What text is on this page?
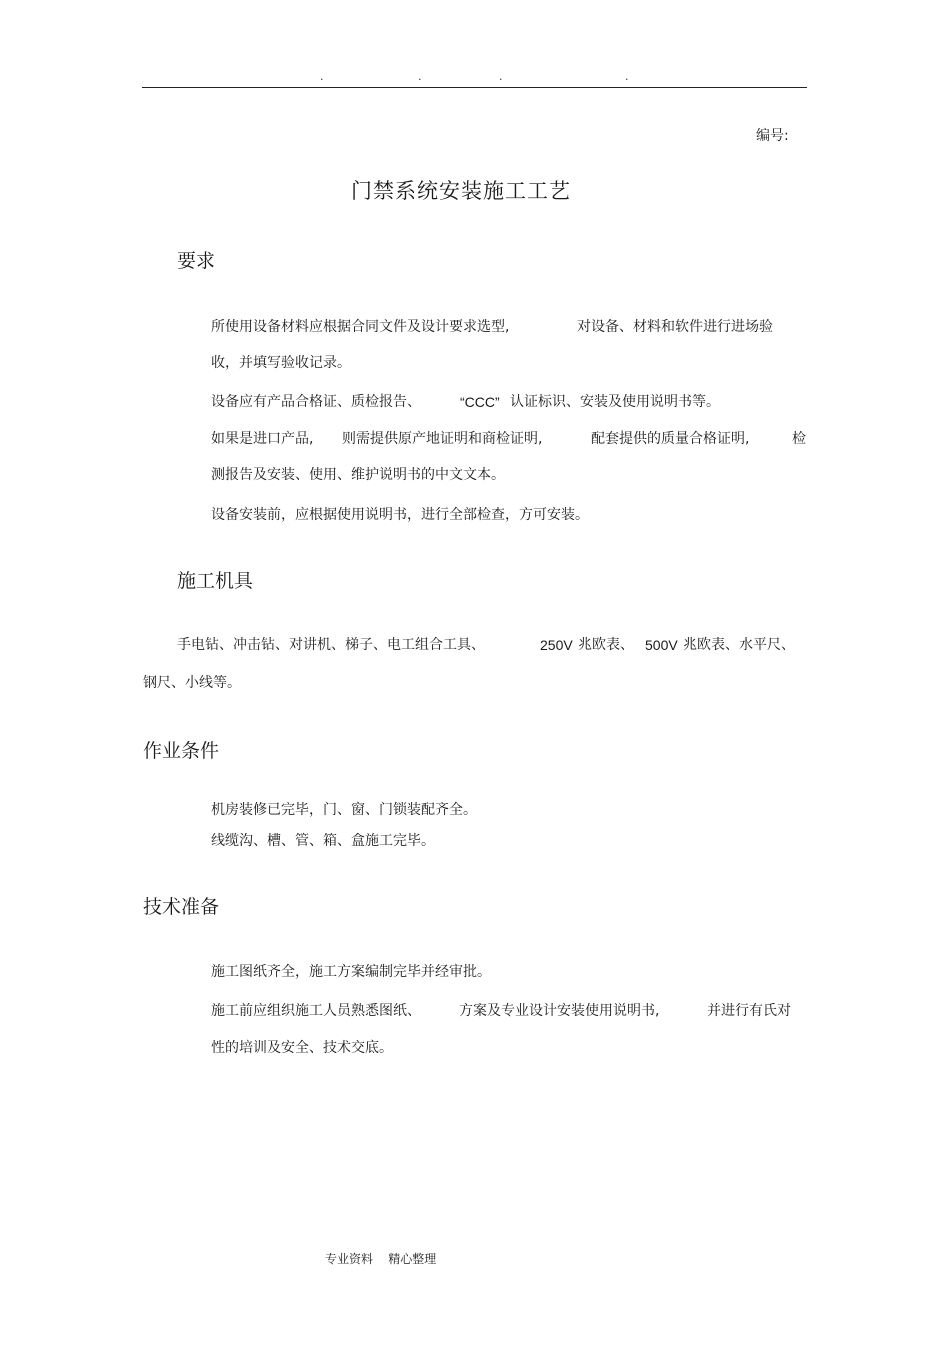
.	.	.	.
编号:
门禁系统安装施工工艺
要求
所使用设备材料应根据合同文件及设计要求选型,	对设备、材料和软件进行进场验
收，并填写验收记录。
设备应有产品合格证、质检报告、	“CCC” 认证标识、安装及使用说明书等。
如果是进口产品, 则需提供原产地证明和商检证明,	配套提供的质量合格证明,	检
测报告及安装、使用、维护说明书的中文文本。
设备安装前，应根据使用说明书，进行全部检查，方可安装。
施工机具
手电钻、冲击钻、对讲机、梯子、电工组合工具、	250V 兆欧表、 500V 兆欧表、水平尺、
钢尺、小线等。
作业条件
机房装修已完毕，门、窗、门锁装配齐全。
线缆沟、槽、管、箱、盒施工完毕。
技术准备
施工图纸齐全，施工方案编制完毕并经审批。
施工前应组织施工人员熟悉图纸、	方案及专业设计安装使用说明书,	并进行有氏对
性的培训及安全、技术交底。
专业资料    精心整理
